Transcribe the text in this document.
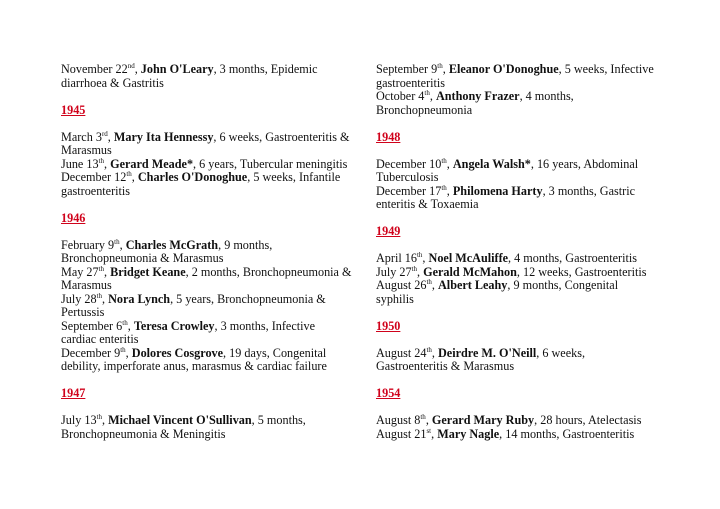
November 22nd, John O'Leary, 3 months, Epidemic diarrhoea & Gastritis

1945

March 3rd, Mary Ita Hennessy, 6 weeks, Gastroenteritis & Marasmus

June 13th, Gerard Meade*, 6 years, Tubercular meningitis

December 12th, Charles O'Donoghue, 5 weeks, Infantile gastroenteritis

1946

February 9th, Charles McGrath, 9 months, Bronchopneumonia & Marasmus

May 27th, Bridget Keane, 2 months, Bronchopneumonia & Marasmus

July 28th, Nora Lynch, 5 years, Bronchopneumonia & Pertussis

September 6th, Teresa Crowley, 3 months, Infective cardiac enteritis

December 9th, Dolores Cosgrove, 19 days, Congenital debility, imperforate anus, marasmus & cardiac failure

1947

July 13th, Michael Vincent O'Sullivan, 5 months, Bronchopneumonia & Meningitis

September 9th, Eleanor O'Donoghue, 5 weeks, Infective gastroenteritis

October 4th, Anthony Frazer, 4 months, Bronchopneumonia

1948

December 10th, Angela Walsh*, 16 years, Abdominal Tuberculosis

December 17th, Philomena Harty, 3 months, Gastric enteritis & Toxaemia

1949

April 16th, Noel McAuliffe, 4 months, Gastroenteritis

July 27th, Gerald McMahon, 12 weeks, Gastroenteritis

August 26th, Albert Leahy, 9 months, Congenital syphilis

1950

August 24th, Deirdre M. O'Neill, 6 weeks, Gastroenteritis & Marasmus

1954

August 8th, Gerard Mary Ruby, 28 hours, Atelectasis

August 21st, Mary Nagle, 14 months, Gastroenteritis
